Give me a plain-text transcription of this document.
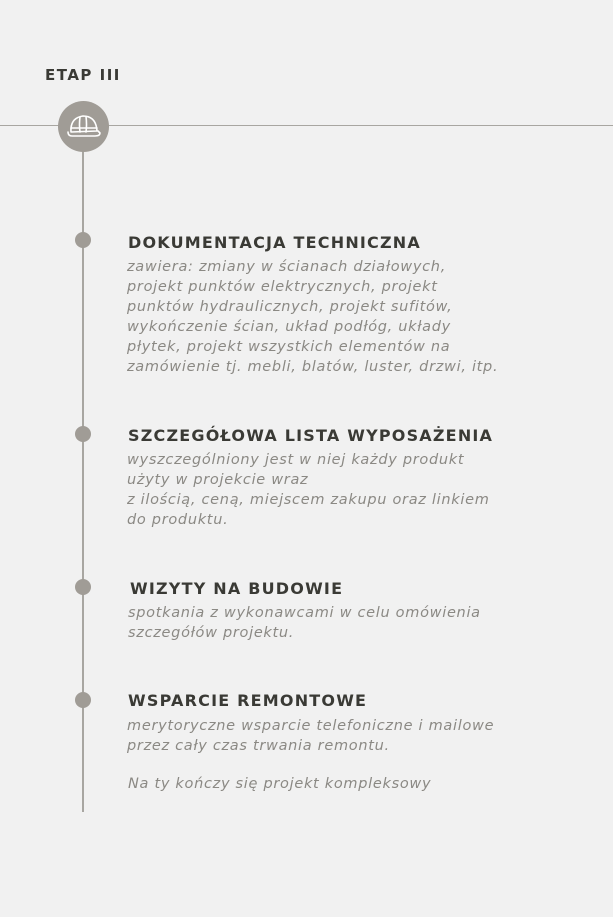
ETAP III
DOKUMENTACJA TECHNICZNA

zawiera: zmiany w ścianach działowych,
projekt punktów elektrycznych, projekt
punktów hydraulicznych, projekt sufitów,
wykończenie ścian, układ podłóg, układy
płytek, projekt wszystkich elementów na
zamówienie tj. mebli, blatów, luster, drzwi, itp.

SZCZEGÓŁOWA LISTA WYPOSAŻENIA

wyszczególniony jest w niej każdy produkt
użyty w projekcie wraz
z ilością, ceną, miejscem zakupu oraz linkiem
do produktu.

WIZYTY NA BUDOWIE

spotkania z wykonawcami w celu omówienia
szczegółów projektu.

WSPARCIE REMONTOWE

merytoryczne wsparcie telefoniczne i mailowe
przez cały czas trwania remontu.

Na ty kończy się projekt kompleksowy
